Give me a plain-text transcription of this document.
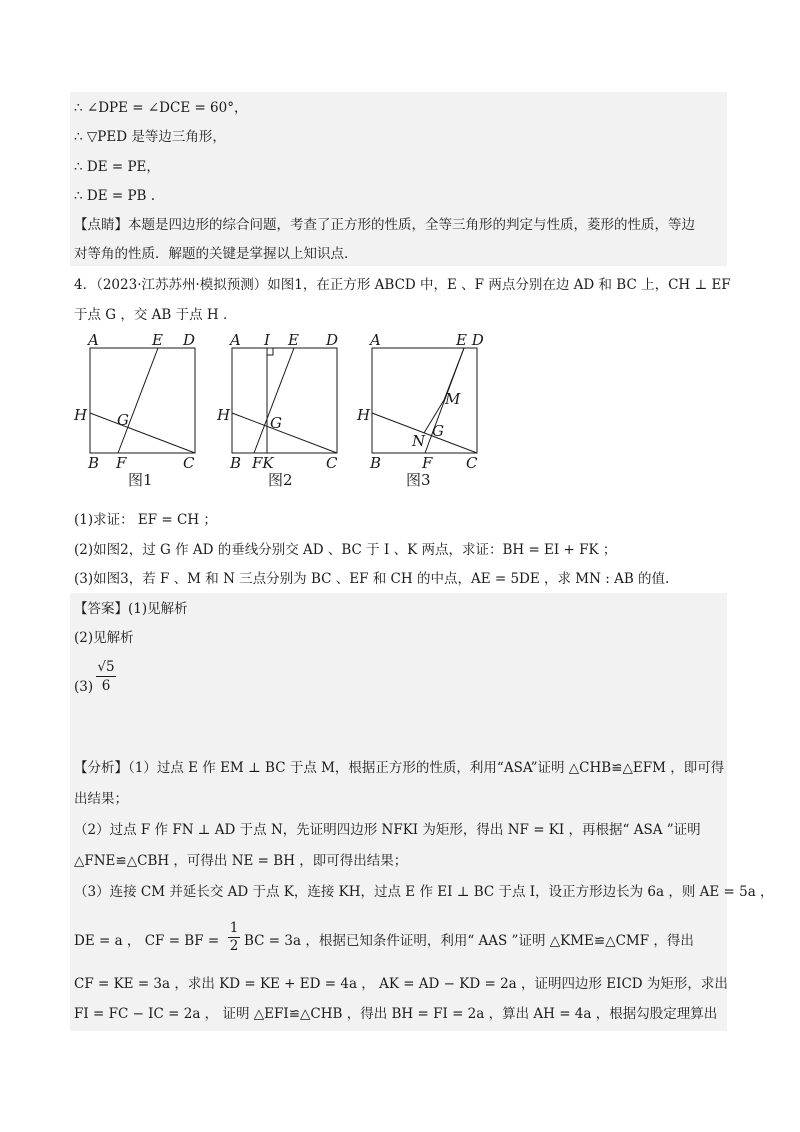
∴ ∠DPE = ∠DCE = 60°，
∴ ▽PED 是等边三角形，
∴ DE = PE，
∴ DE = PB .
【点睛】本题是四边形的综合问题，考查了正方形的性质，全等三角形的判定与性质，菱形的性质，等边
对等角的性质．解题的关键是掌握以上知识点．
4．（2023·江苏苏州·模拟预测）如图1，在正方形 ABCD 中，E 、F 两点分别在边 AD 和 BC 上，CH ⊥ EF
于点 G ，交 AB 于点 H ．
A	E D
H G
B F	C
图1
A I E D
H	G
B FK	C
图2
A	E D
M
H
G
N
B	F C
图3
(1)求证： EF = CH ；
(2)如图2，过 G 作 AD 的垂线分别交 AD 、BC 于 I 、K 两点，求证：BH = EI + FK ；
(3)如图3，若 F 、M 和 N 三点分别为 BC 、EF 和 CH 的中点，AE = 5DE ，求 MN : AB 的值.
【答案】(1)见解析
(2)见解析
$(3) \frac{√5}{6}$
【分析】（1）过点 E 作 EM ⊥ BC 于点 M，根据正方形的性质，利用“ASA”证明 △CHB≌△EFM ，即可得
出结果；
（2）过点 F 作 FN ⊥ AD 于点 N，先证明四边形 NFKI 为矩形，得出 NF = KI ，再根据“ ASA ”证明
△FNE≌△CBH ，可得出 NE = BH ，即可得出结果；
（3）连接 CM 并延长交 AD 于点 K，连接 KH，过点 E 作 EI ⊥ BC 于点 I，设正方形边长为 6a ，则 AE = 5a ，
DE = a ， CF = BF = $\frac{1}{2}$ BC = 3a ，根据已知条件证明，利用“ AAS ”证明 △KME≌△CMF ，得出
CF = KE = 3a ，求出 KD = KE + ED = 4a ， AK = AD − KD = 2a ，证明四边形 EICD 为矩形，求出
FI = FC − IC = 2a ， 证明 △EFI≌△CHB ，得出 BH = FI = 2a ，算出 AH = 4a ，根据勾股定理算出
